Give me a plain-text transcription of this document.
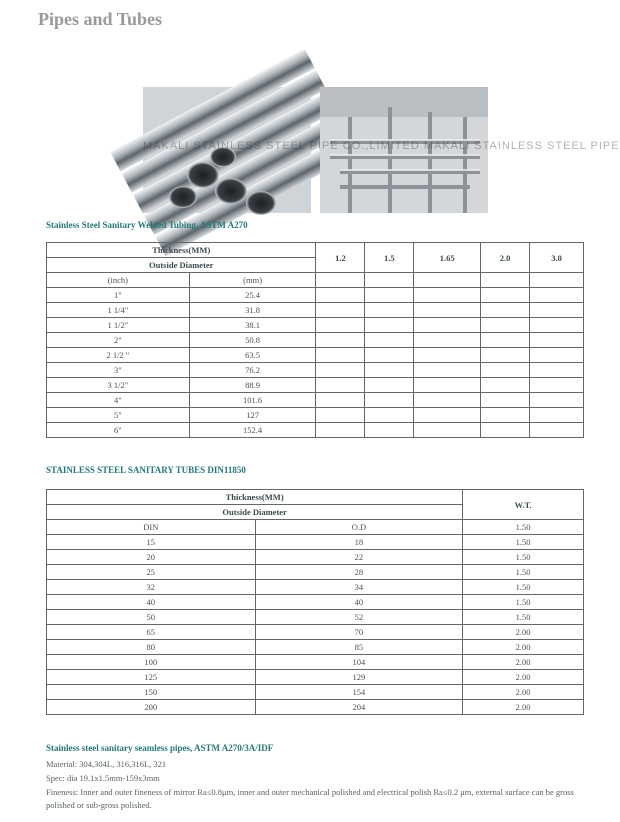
Pipes and Tubes
MAKALI STAINLESS STEEL PIPE CO.,LIMITED MAKALI STAINLESS STEEL PIPE
Stainless Steel Sanitary Welded Tubing, ASTM A270
Thickness(MM)		1.2	1.5	1.65	2.0	3.0
Outside Diameter						
(inch)	(mm)					
1"	25.4					
1 1/4"	31.8					
1 1/2"	38.1					
2"	50.8					
2 1/2 "	63.5					
3"	76.2					
3 1/2"	88.9					
4"	101.6					
5"	127					
6"	152.4					
STAINLESS STEEL SANITARY TUBES DIN11850
Thickness(MM)		W.T.
Outside Diameter		
DIN	O.D	1.50
15	18	1.50
20	22	1.50
25	28	1.50
32	34	1.50
40	40	1.50
50	52	1.50
65	70	2.00
80	85	2.00
100	104	2.00
125	129	2.00
150	154	2.00
200	204	2.00
Stainless steel sanitary seamless pipes, ASTM A270/3A/IDF
Material: 304,304L, 316,316L, 321
Spec: dia 19.1x1.5mm-159x3mm
Fineness: Inner and outer fineness of mirror Ra≤0.8μm, inner and outer mechanical polished and electrical polish Ra≤0.2 μm, external surface can be gross polished or sub-gross polished.
